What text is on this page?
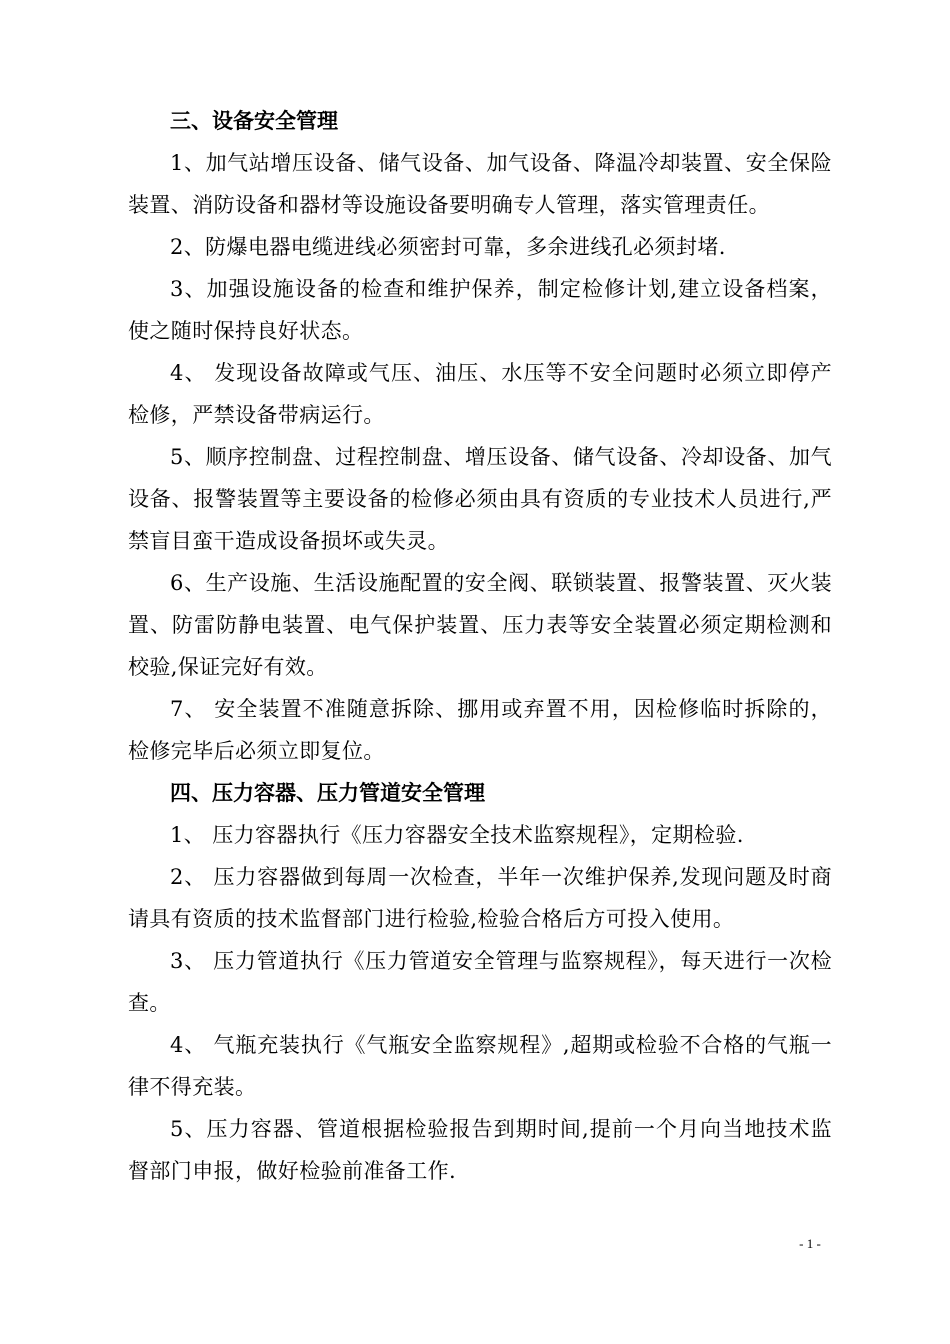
三、设备安全管理

1、加气站增压设备、储气设备、加气设备、降温冷却装置、安全保险装置、消防设备和器材等设施设备要明确专人管理，落实管理责任。

2、防爆电器电缆进线必须密封可靠，多余进线孔必须封堵.

3、加强设施设备的检查和维护保养，制定检修计划,建立设备档案，使之随时保持良好状态。

4、 发现设备故障或气压、油压、水压等不安全问题时必须立即停产检修，严禁设备带病运行。

5、顺序控制盘、过程控制盘、增压设备、储气设备、冷却设备、加气设备、报警装置等主要设备的检修必须由具有资质的专业技术人员进行,严禁盲目蛮干造成设备损坏或失灵。

6、生产设施、生活设施配置的安全阀、联锁装置、报警装置、灭火装置、防雷防静电装置、电气保护装置、压力表等安全装置必须定期检测和校验,保证完好有效。

7、 安全装置不准随意拆除、挪用或弃置不用，因检修临时拆除的，检修完毕后必须立即复位。

四、压力容器、压力管道安全管理

1、 压力容器执行《压力容器安全技术监察规程》，定期检验.

2、 压力容器做到每周一次检查，半年一次维护保养,发现问题及时商请具有资质的技术监督部门进行检验,检验合格后方可投入使用。

3、 压力管道执行《压力管道安全管理与监察规程》，每天进行一次检查。

4、 气瓶充装执行《气瓶安全监察规程》,超期或检验不合格的气瓶一律不得充装。

5、压力容器、管道根据检验报告到期时间,提前一个月向当地技术监督部门申报，做好检验前准备工作.

- 1 -
